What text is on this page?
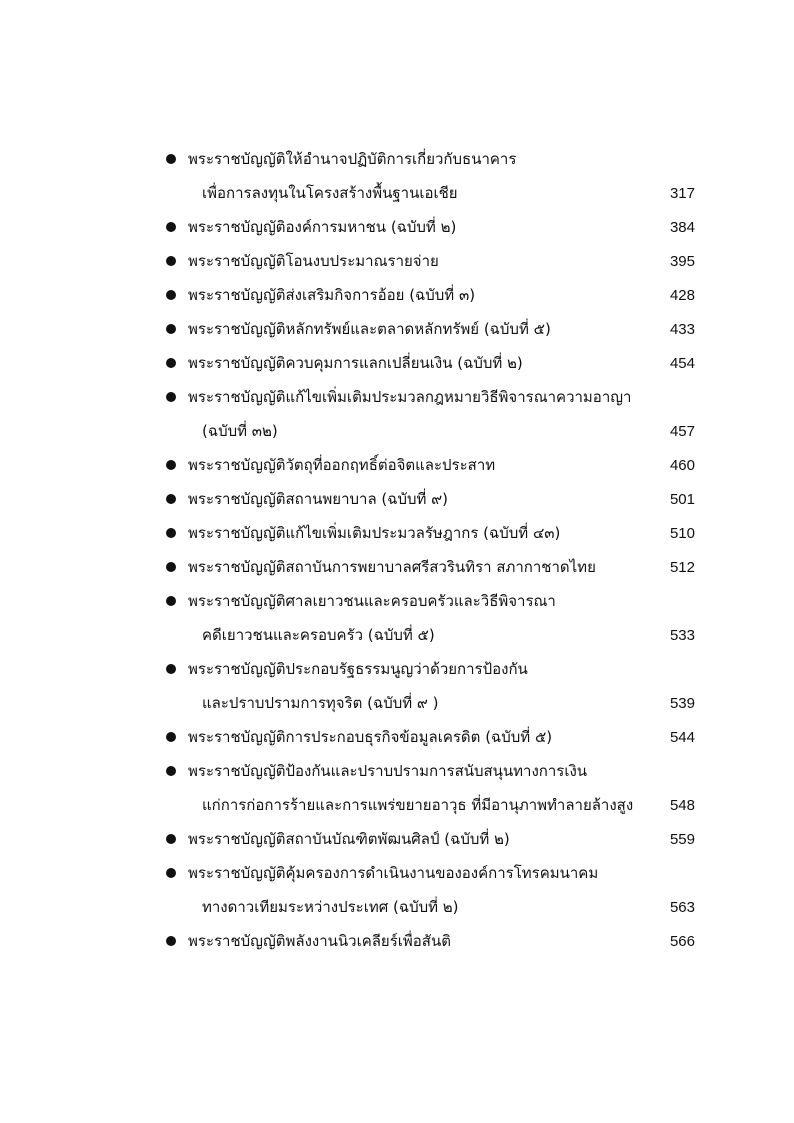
พระราชบัญญัติให้อำนาจปฏิบัติการเกี่ยวกับธนาคาร
เพื่อการลงทุนในโครงสร้างพื้นฐานเอเชีย	317
พระราชบัญญัติองค์การมหาชน (ฉบับที่ ๒)	384
พระราชบัญญัติโอนงบประมาณรายจ่าย	395
พระราชบัญญัติส่งเสริมกิจการอ้อย (ฉบับที่ ๓)	428
พระราชบัญญัติหลักทรัพย์และตลาดหลักทรัพย์ (ฉบับที่ ๕)	433
พระราชบัญญัติควบคุมการแลกเปลี่ยนเงิน (ฉบับที่ ๒)	454
พระราชบัญญัติแก้ไขเพิ่มเติมประมวลกฎหมายวิธีพิจารณาความอาญา
(ฉบับที่ ๓๒)	457
พระราชบัญญัติวัตถุที่ออกฤทธิ์ต่อจิตและประสาท	460
พระราชบัญญัติสถานพยาบาล (ฉบับที่ ๙)	501
พระราชบัญญัติแก้ไขเพิ่มเติมประมวลรัษฎากร (ฉบับที่ ๔๓)	510
พระราชบัญญัติสถาบันการพยาบาลศรีสวรินทิรา สภากาชาดไทย	512
พระราชบัญญัติศาลเยาวชนและครอบครัวและวิธีพิจารณา
คดีเยาวชนและครอบครัว (ฉบับที่ ๕)	533
พระราชบัญญัติประกอบรัฐธรรมนูญว่าด้วยการป้องกัน
และปราบปรามการทุจริต (ฉบับที่ ๙ )	539
พระราชบัญญัติการประกอบธุรกิจข้อมูลเครดิต (ฉบับที่ ๕)	544
พระราชบัญญัติป้องกันและปราบปรามการสนับสนุนทางการเงิน
แก่การก่อการร้ายและการแพร่ขยายอาวุธ ที่มีอานุภาพทำลายล้างสูง	548
พระราชบัญญัติสถาบันบัณฑิตพัฒนศิลป์ (ฉบับที่ ๒)	559
พระราชบัญญัติคุ้มครองการดำเนินงานขององค์การโทรคมนาคม
ทางดาวเทียมระหว่างประเทศ (ฉบับที่ ๒)	563
พระราชบัญญัติพลังงานนิวเคลียร์เพื่อสันติ	566
